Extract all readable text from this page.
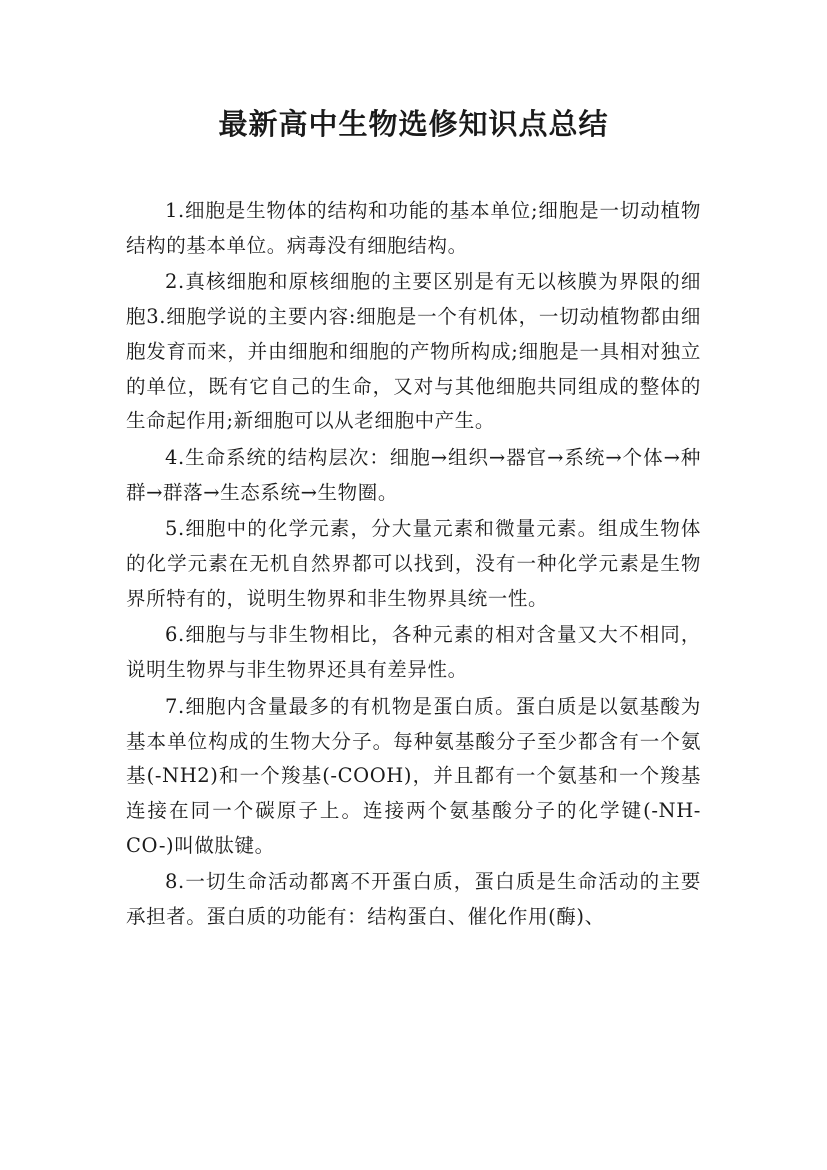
最新高中生物选修知识点总结

1.细胞是生物体的结构和功能的基本单位;细胞是一切动植物结构的基本单位。病毒没有细胞结构。

2.真核细胞和原核细胞的主要区别是有无以核膜为界限的细胞3.细胞学说的主要内容:细胞是一个有机体，一切动植物都由细胞发育而来，并由细胞和细胞的产物所构成;细胞是一具相对独立的单位，既有它自己的生命，又对与其他细胞共同组成的整体的生命起作用;新细胞可以从老细胞中产生。

4.生命系统的结构层次：细胞→组织→器官→系统→个体→种群→群落→生态系统→生物圈。

5.细胞中的化学元素，分大量元素和微量元素。组成生物体的化学元素在无机自然界都可以找到，没有一种化学元素是生物界所特有的，说明生物界和非生物界具统一性。

6.细胞与与非生物相比，各种元素的相对含量又大不相同，说明生物界与非生物界还具有差异性。

7.细胞内含量最多的有机物是蛋白质。蛋白质是以氨基酸为基本单位构成的生物大分子。每种氨基酸分子至少都含有一个氨基(-NH2)和一个羧基(-COOH)，并且都有一个氨基和一个羧基连接在同一个碳原子上。连接两个氨基酸分子的化学键(-NH-CO-)叫做肽键。

8.一切生命活动都离不开蛋白质，蛋白质是生命活动的主要承担者。蛋白质的功能有：结构蛋白、催化作用(酶)、
